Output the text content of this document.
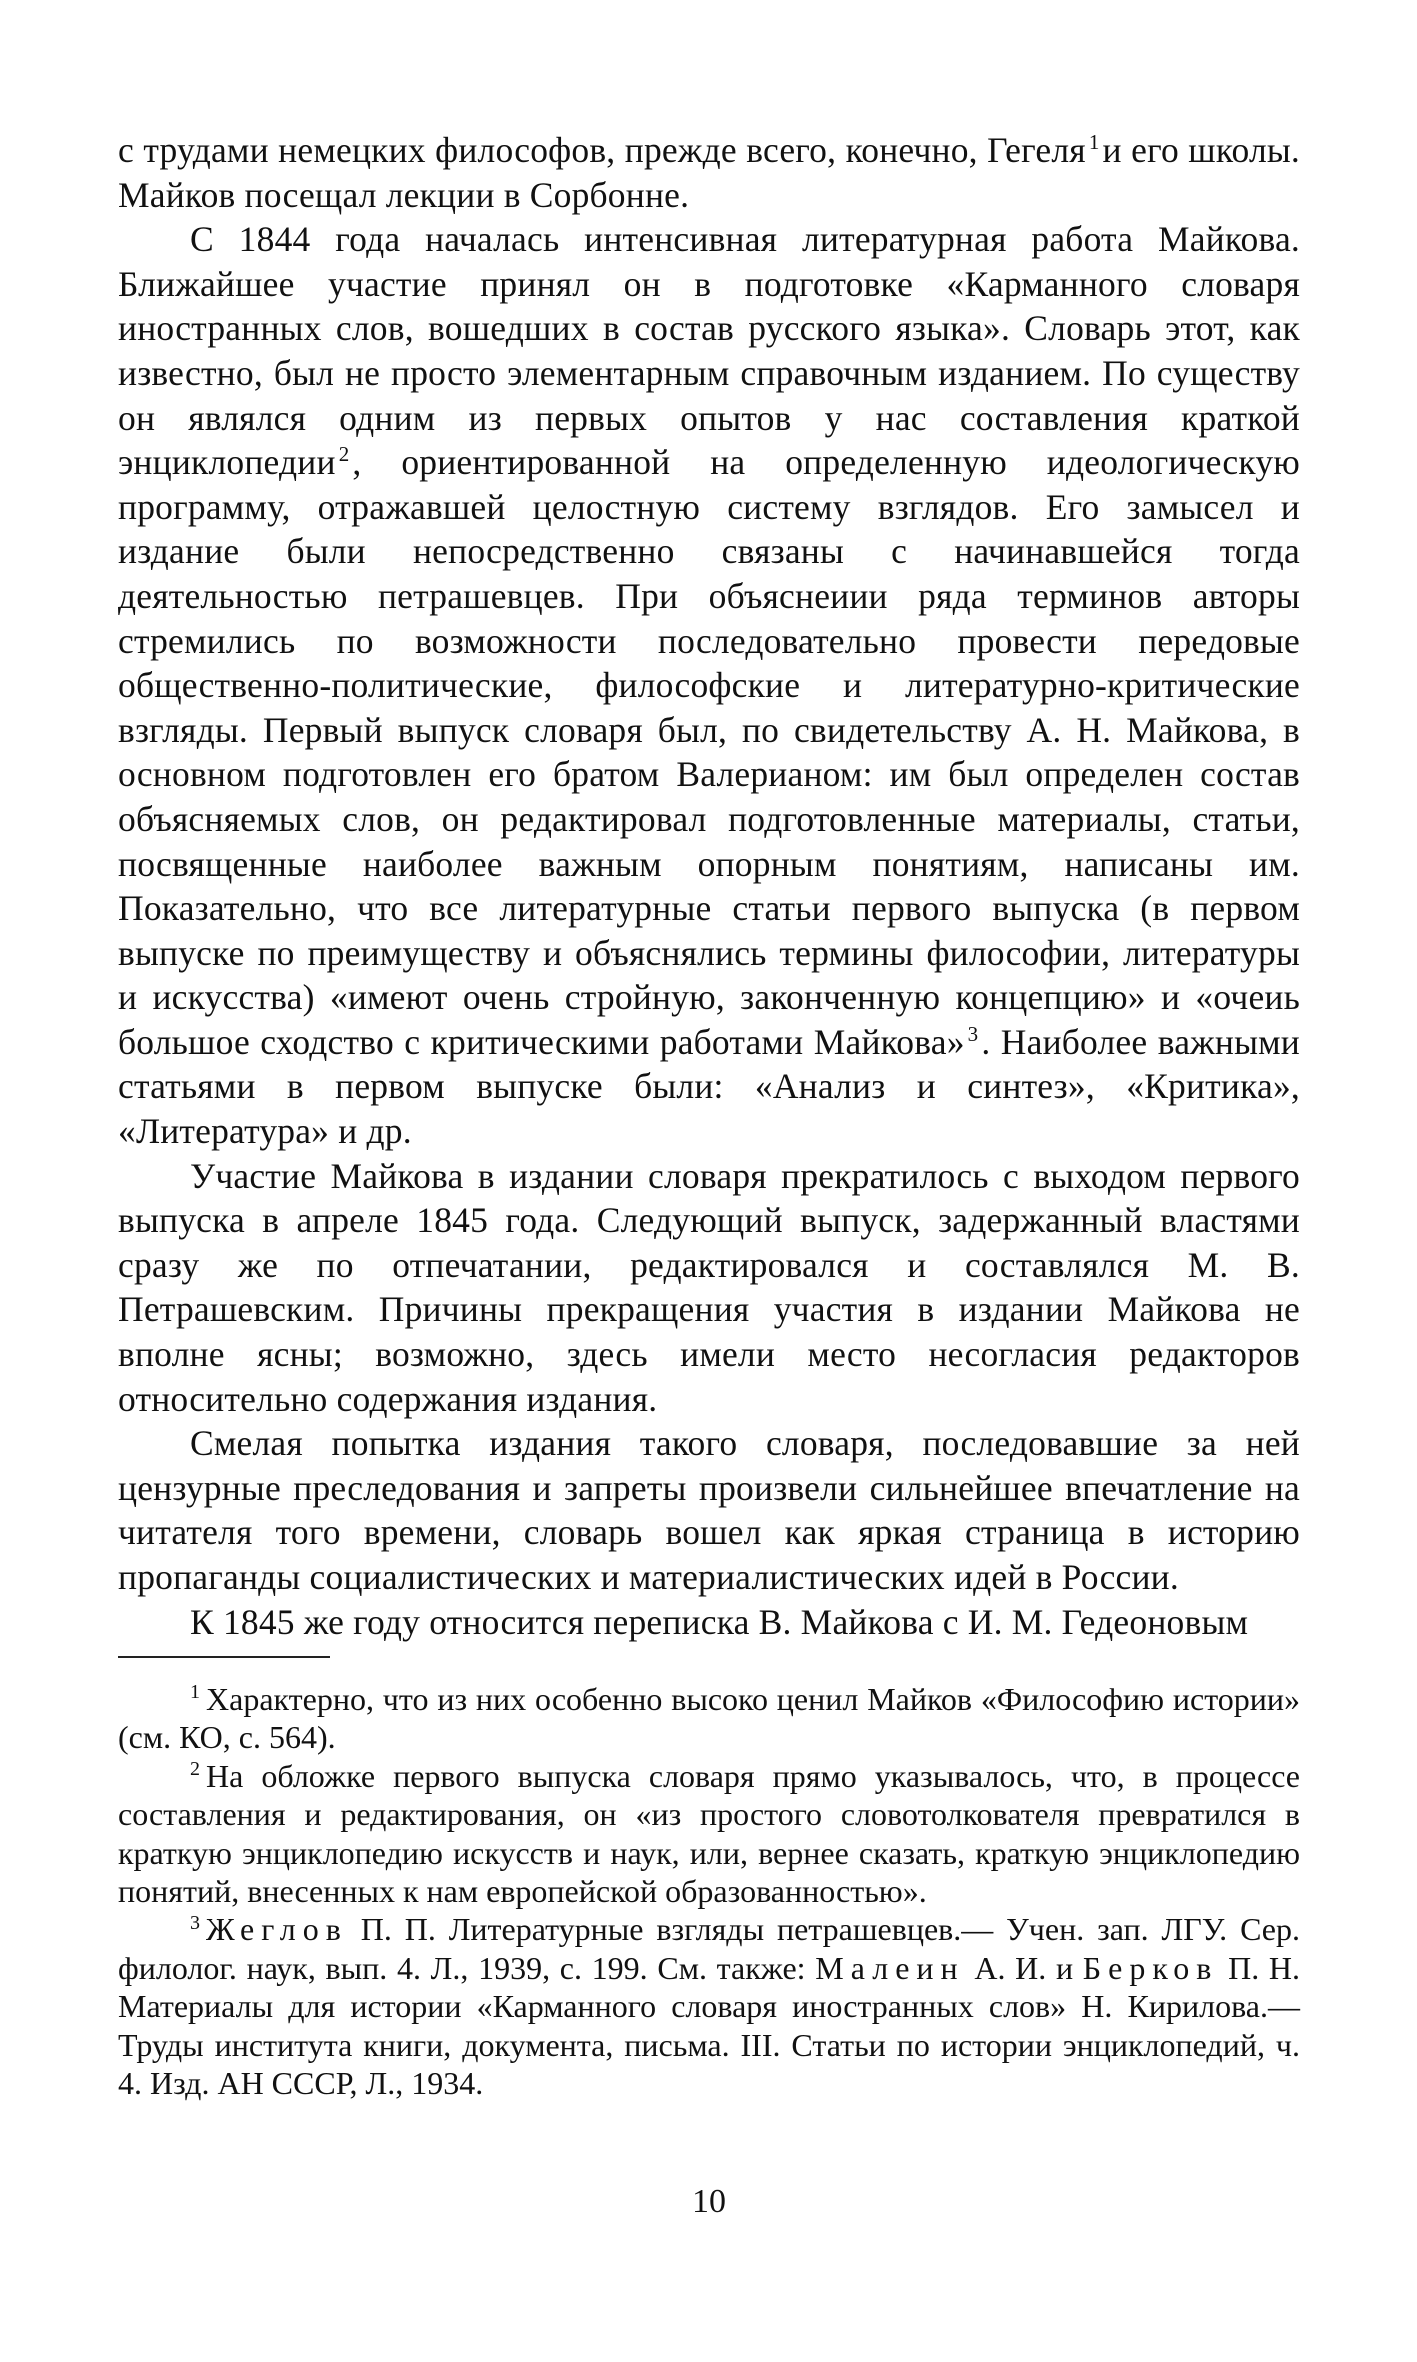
с трудами немецких философов, прежде всего, конечно, Гегеля $^1$и его школы. Майков посещал лекции в Сорбонне.

С 1844 года началась интенсивная литературная работа Майкова. Ближайшее участие принял он в подготовке «Карманного словаря иностранных слов, вошедших в состав русского языка». Словарь этот, как известно, был не просто элементарным справочным изданием. По существу он являлся одним из первых опытов у нас составления краткой энциклопедии $^2$, ориентированной на определенную идеологическую программу, отражавшей целостную систему взглядов. Его замысел и издание были непосредственно связаны с начинавшейся тогда деятельностью петрашевцев. При объяснеиии ряда терминов авторы стремились по возможности последовательно провести передовые общественно-политические, философские и литературно-критические взгляды. Первый выпуск словаря был, по свидетельству А. Н. Майкова, в основном подготовлен его братом Валерианом: им был определен состав объясняемых слов, он редактировал подготовленные материалы, статьи, посвященные наиболее важным опорным понятиям, написаны им. Показательно, что все литературные статьи первого выпуска (в первом выпуске по преимуществу и объяснялись термины философии, литературы и искусства) «имеют очень стройную, законченную концепцию» и «очеиь большое сходство с критическими работами Майкова» $^3$. Наиболее важными статьями в первом выпуске были: «Анализ и синтез», «Критика», «Литература» и др.

Участие Майкова в издании словаря прекратилось с выходом первого выпуска в апреле 1845 года. Следующий выпуск, задержанный властями сразу же по отпечатании, редактировался и составлялся М. В. Петрашевским. Причины прекращения участия в издании Майкова не вполне ясны; возможно, здесь имели место несогласия редакторов относительно содержания издания.

Смелая попытка издания такого словаря, последовавшие за ней цензурные преследования и запреты произвели сильнейшее впечатление на читателя того времени, словарь вошел как яркая страница в историю пропаганды социалистических и материалистических идей в России.

К 1845 же году относится переписка В. Майкова с И. М. Гедеоновым

$^1$ Характерно, что из них особенно высоко ценил Майков «Философию истории» (см. КО, с. 564).

$^2$ На обложке первого выпуска словаря прямо указывалось, что, в процессе составления и редактирования, он «из простого словотолкователя превратился в краткую энциклопедию искусств и наук, или, вернее сказать, краткую энциклопедию понятий, внесенных к нам европейской образованностью».

$^3$ Жеглов П. П. Литературные взгляды петрашевцев.— Учен. зап. ЛГУ. Сер. филолог. наук, вып. 4. Л., 1939, с. 199. См. также: Малеин А. И. и Берков П. Н. Материалы для истории «Карманного словаря иностранных слов» Н. Кирилова.— Труды института книги, документа, письма. III. Статьи по истории энциклопедий, ч. 4. Изд. АН СССР, Л., 1934.

10
